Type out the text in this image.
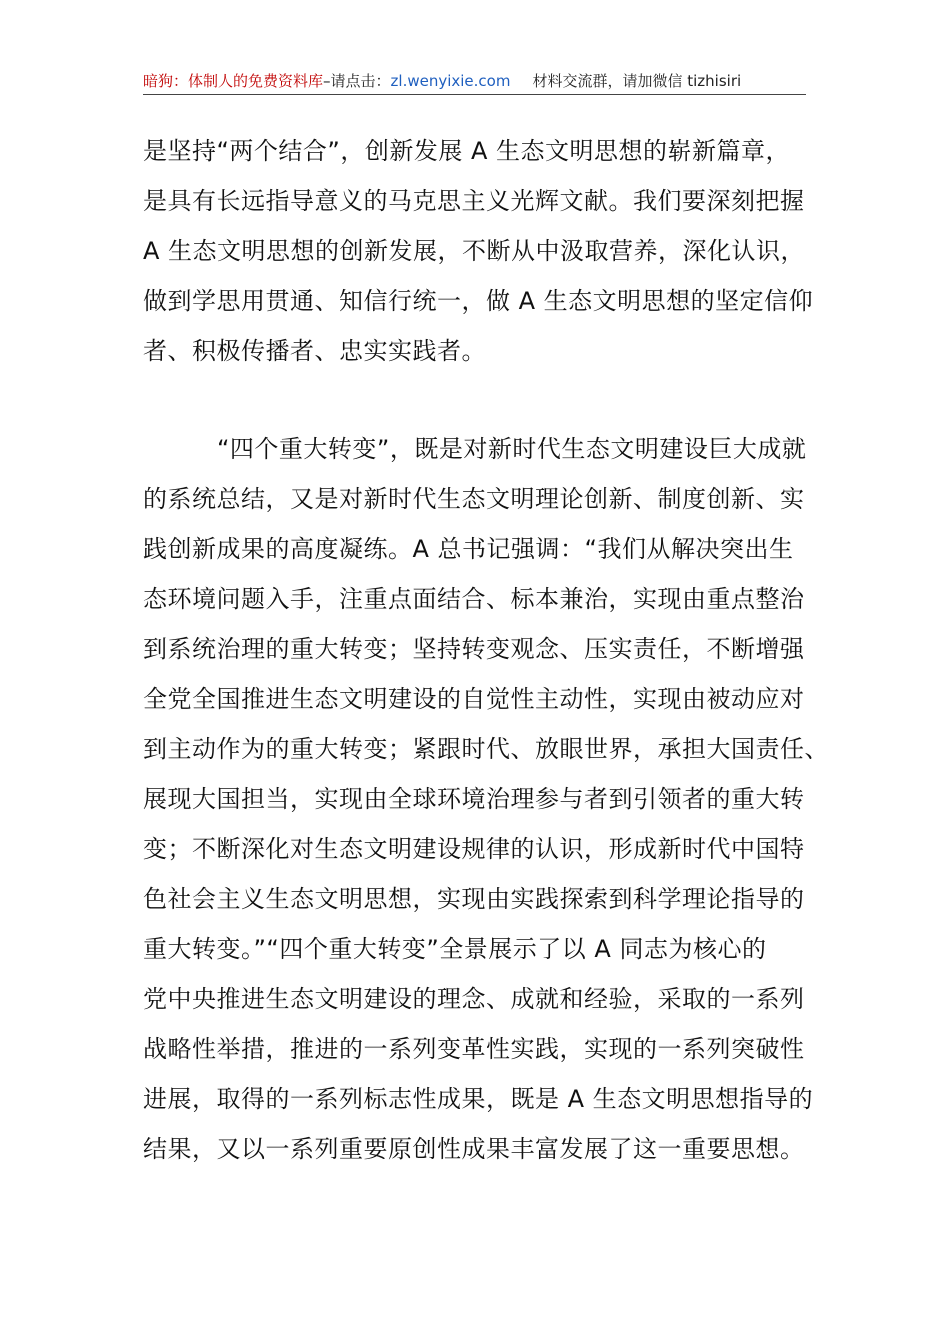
暗狗：体制人的免费资料库–请点击：zl.wenyixie.com 材料交流群，请加微信 tizhisiri
是坚持“两个结合”，创新发展 A 生态文明思想的崭新篇章，
是具有长远指导意义的马克思主义光辉文献。我们要深刻把握
A 生态文明思想的创新发展，不断从中汲取营养，深化认识，
做到学思用贯通、知信行统一，做 A 生态文明思想的坚定信仰
者、积极传播者、忠实实践者。
“四个重大转变”，既是对新时代生态文明建设巨大成就
的系统总结，又是对新时代生态文明理论创新、制度创新、实
践创新成果的高度凝练。A 总书记强调：“我们从解决突出生
态环境问题入手，注重点面结合、标本兼治，实现由重点整治
到系统治理的重大转变；坚持转变观念、压实责任，不断增强
全党全国推进生态文明建设的自觉性主动性，实现由被动应对
到主动作为的重大转变；紧跟时代、放眼世界，承担大国责任、
展现大国担当，实现由全球环境治理参与者到引领者的重大转
变；不断深化对生态文明建设规律的认识，形成新时代中国特
色社会主义生态文明思想，实现由实践探索到科学理论指导的
重大转变。”“四个重大转变”全景展示了以 A 同志为核心的
党中央推进生态文明建设的理念、成就和经验，采取的一系列
战略性举措，推进的一系列变革性实践，实现的一系列突破性
进展，取得的一系列标志性成果，既是 A 生态文明思想指导的
结果，又以一系列重要原创性成果丰富发展了这一重要思想。
